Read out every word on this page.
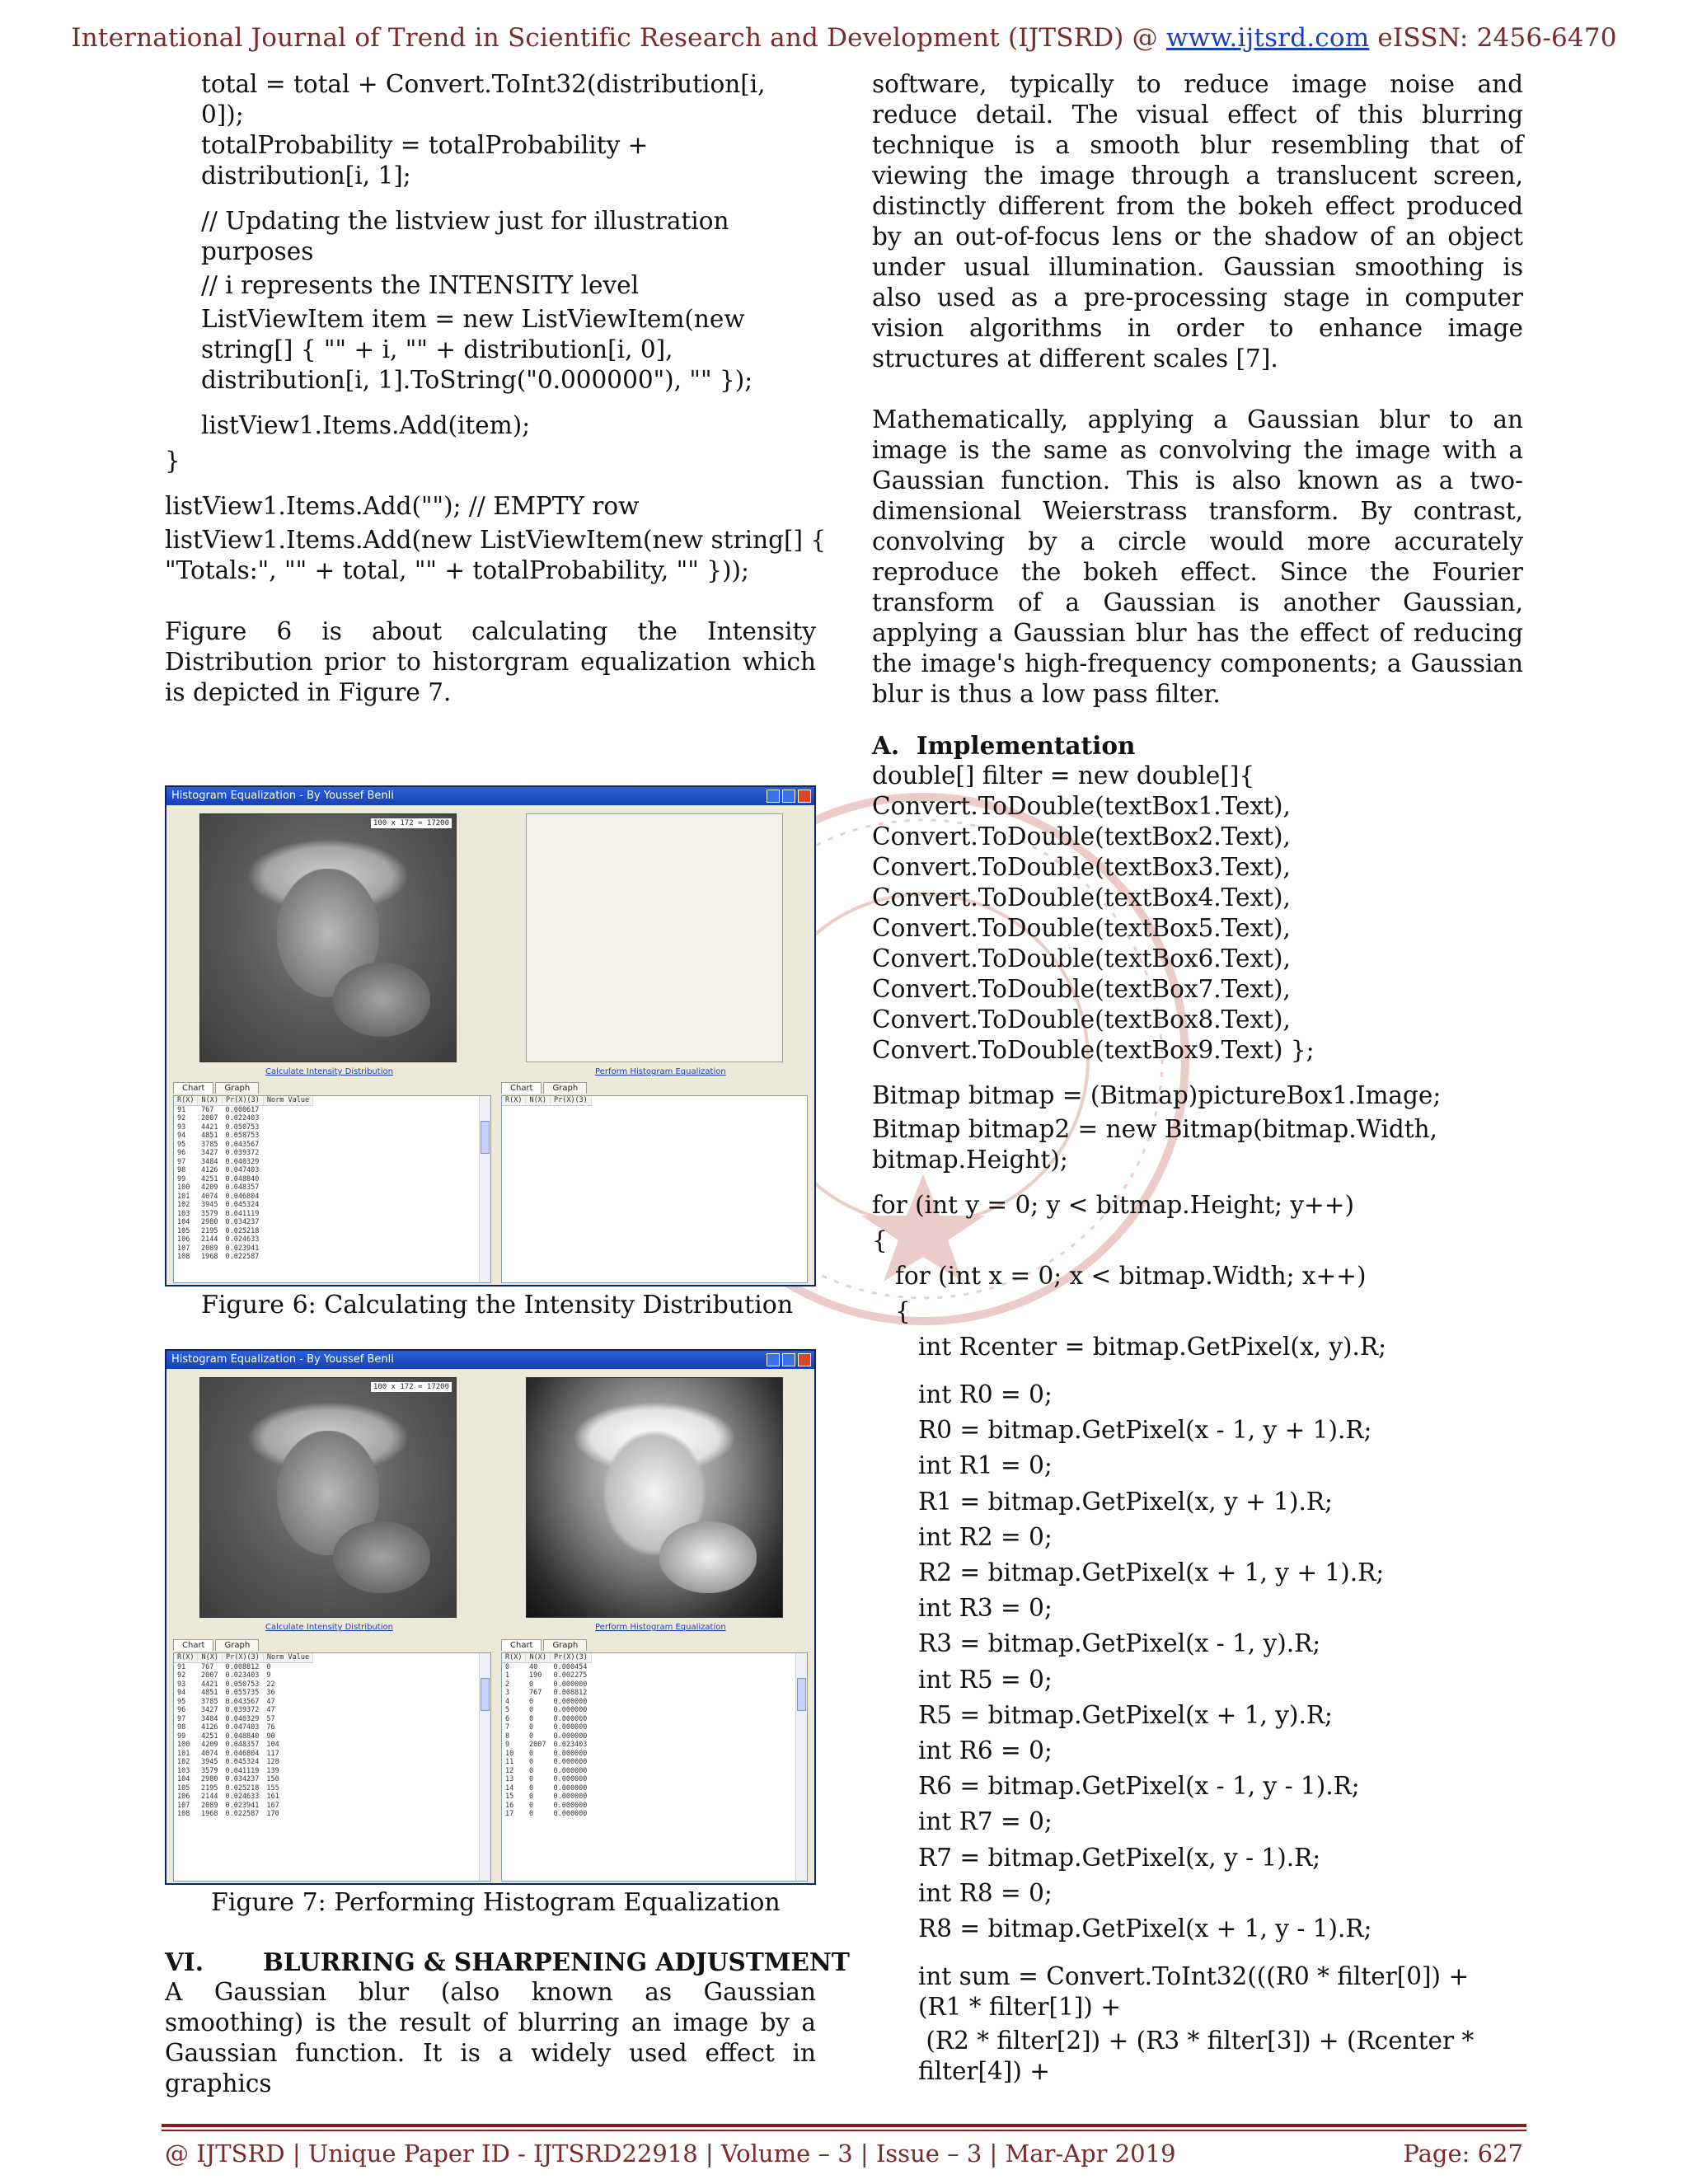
International Journal of Trend in Scientific Research and Development (IJTSRD) @ www.ijtsrd.com eISSN: 2456-6470
total = total + Convert.ToInt32(distribution[i,
0]);
totalProbability = totalProbability +
distribution[i, 1];
// Updating the listview just for illustration
purposes
// i represents the INTENSITY level
ListViewItem item = new ListViewItem(new
string[] { "" + i, "" + distribution[i, 0],
distribution[i, 1].ToString("0.000000"), "" });
listView1.Items.Add(item);
}
listView1.Items.Add(""); // EMPTY row
listView1.Items.Add(new ListViewItem(new string[] {
"Totals:", "" + total, "" + totalProbability, "" }));

Figure 6 is about calculating the Intensity Distribution prior to historgram equalization which is depicted in Figure 7.

Histogram Equalization - By Youssef Benli
100 x 172 = 17200
Calculate Intensity Distribution	Perform Histogram Equalization
Chart	Graph	Chart	Graph
R(X)	N(X)	Pr(X)(3)	Norm Value
91	767	0.000617	
92	2007	0.022403	
93	4421	0.050753	
94	4851	0.058753	
95	3785	0.043567	
96	3427	0.039372	
97	3484	0.040329	
98	4126	0.047403	
99	4251	0.048840	
100	4209	0.048357	
101	4074	0.046804	
102	3945	0.045324	
103	3579	0.041119	
104	2980	0.034237	
105	2195	0.025218	
106	2144	0.024633	
107	2089	0.023941	
108	1968	0.022587	
R(X)	N(X)	Pr(X)(3)
Figure 6: Calculating the Intensity Distribution
Histogram Equalization - By Youssef Benli
100 x 172 = 17200
Calculate Intensity Distribution	Perform Histogram Equalization
Chart	Graph	Chart	Graph
R(X)	N(X)	Pr(X)(3)	Norm Value
91	767	0.008812	0
92	2007	0.023403	9
93	4421	0.050753	22
94	4851	0.055735	36
95	3785	0.043567	47
96	3427	0.039372	47
97	3484	0.040329	57
98	4126	0.047403	76
99	4251	0.048840	90
100	4209	0.048357	104
101	4074	0.046804	117
102	3945	0.045324	128
103	3579	0.041119	139
104	2980	0.034237	150
105	2195	0.025218	155
106	2144	0.024633	161
107	2089	0.023941	167
108	1968	0.022587	170
R(X)	N(X)	Pr(X)(3)
0	40	0.000454
1	190	0.002275
2	0	0.000000
3	767	0.008812
4	0	0.000000
5	0	0.000000
6	0	0.000000
7	0	0.000000
8	0	0.000000
9	2007	0.023403
10	0	0.000000
11	0	0.000000
12	0	0.000000
13	0	0.000000
14	0	0.000000
15	0	0.000000
16	0	0.000000
17	0	0.000000
Figure 7: Performing Histogram Equalization
VI. BLURRING & SHARPENING ADJUSTMENT

A Gaussian blur (also known as Gaussian smoothing) is the result of blurring an image by a Gaussian function. It is a widely used effect in graphics

software, typically to reduce image noise and reduce detail. The visual effect of this blurring technique is a smooth blur resembling that of viewing the image through a translucent screen, distinctly different from the bokeh effect produced by an out-of-focus lens or the shadow of an object under usual illumination. Gaussian smoothing is also used as a pre-processing stage in computer vision algorithms in order to enhance image structures at different scales [7].

Mathematically, applying a Gaussian blur to an image is the same as convolving the image with a Gaussian function. This is also known as a two-dimensional Weierstrass transform. By contrast, convolving by a circle would more accurately reproduce the bokeh effect. Since the Fourier transform of a Gaussian is another Gaussian, applying a Gaussian blur has the effect of reducing the image's high-frequency components; a Gaussian blur is thus a low pass filter.

A. Implementation
double[] filter = new double[]{
Convert.ToDouble(textBox1.Text),
Convert.ToDouble(textBox2.Text),
Convert.ToDouble(textBox3.Text),
Convert.ToDouble(textBox4.Text),
Convert.ToDouble(textBox5.Text),
Convert.ToDouble(textBox6.Text),
Convert.ToDouble(textBox7.Text),
Convert.ToDouble(textBox8.Text),
Convert.ToDouble(textBox9.Text) };
Bitmap bitmap = (Bitmap)pictureBox1.Image;
Bitmap bitmap2 = new Bitmap(bitmap.Width,
bitmap.Height);
for (int y = 0; y < bitmap.Height; y++)
{
for (int x = 0; x < bitmap.Width; x++)
{
int Rcenter = bitmap.GetPixel(x, y).R;
int R0 = 0;
R0 = bitmap.GetPixel(x - 1, y + 1).R;
int R1 = 0;
R1 = bitmap.GetPixel(x, y + 1).R;
int R2 = 0;
R2 = bitmap.GetPixel(x + 1, y + 1).R;
int R3 = 0;
R3 = bitmap.GetPixel(x - 1, y).R;
int R5 = 0;
R5 = bitmap.GetPixel(x + 1, y).R;
int R6 = 0;
R6 = bitmap.GetPixel(x - 1, y - 1).R;
int R7 = 0;
R7 = bitmap.GetPixel(x, y - 1).R;
int R8 = 0;
R8 = bitmap.GetPixel(x + 1, y - 1).R;
int sum = Convert.ToInt32(((R0 * filter[0]) +
(R1 * filter[1]) +
(R2 * filter[2]) + (R3 * filter[3]) + (Rcenter *
filter[4]) +
@ IJTSRD | Unique Paper ID - IJTSRD22918 | Volume – 3 | Issue – 3 | Mar-Apr 2019	Page: 627
